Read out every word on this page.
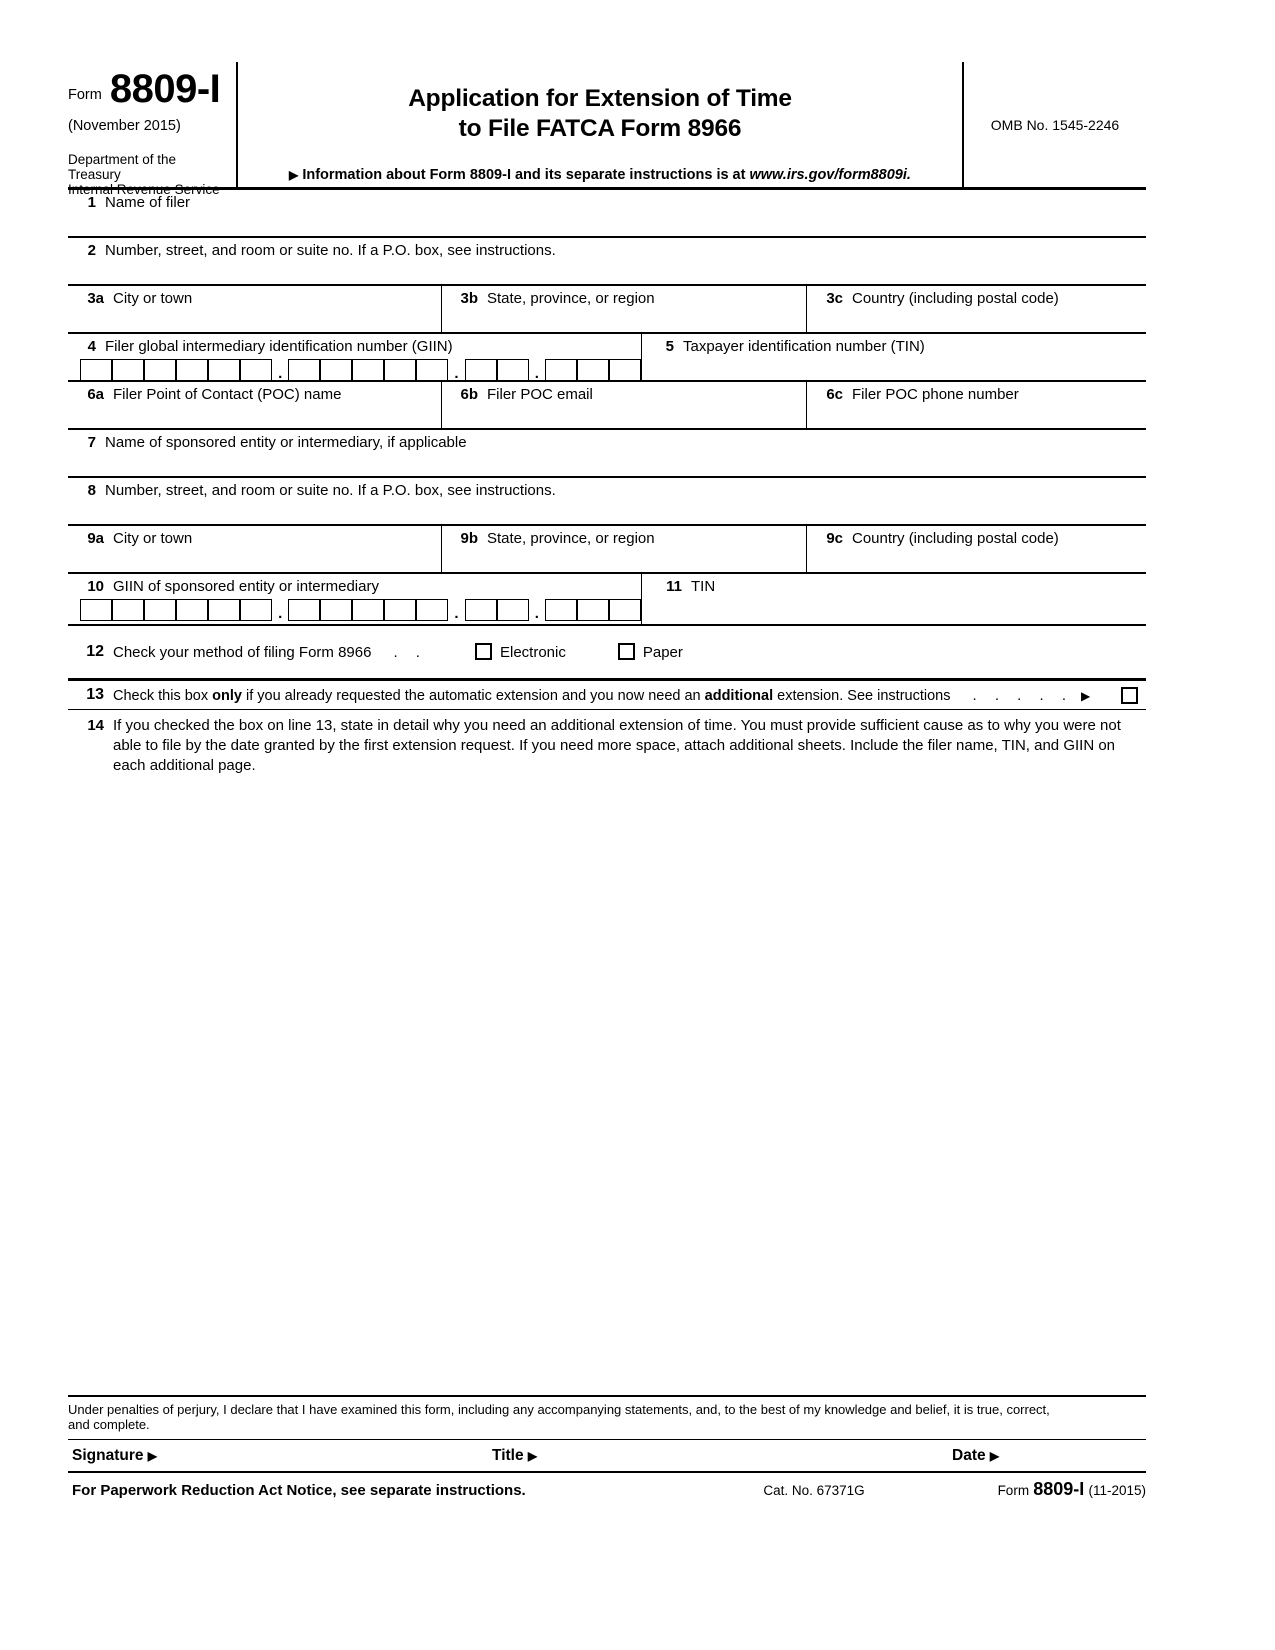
Form 8809-I
(November 2015)
Department of the Treasury
Internal Revenue Service
Application for Extension of Time
to File FATCA Form 8966
▶ Information about Form 8809-I and its separate instructions is at www.irs.gov/form8809i.
OMB No. 1545-2246
1 Name of filer
2 Number, street, and room or suite no. If a P.O. box, see instructions.
3a City or town	3b State, province, or region	3c Country (including postal code)
4 Filer global intermediary identification number (GIIN)
.	.	.
5 Taxpayer identification number (TIN)
6a Filer Point of Contact (POC) name	6b Filer POC email	6c Filer POC phone number
7 Name of sponsored entity or intermediary, if applicable
8 Number, street, and room or suite no. If a P.O. box, see instructions.
9a City or town	9b State, province, or region	9c Country (including postal code)
10 GIIN of sponsored entity or intermediary
.	.	.
11 TIN
12 Check your method of filing Form 8966	. .	Electronic	Paper
13 Check this box only if you already requested the automatic extension and you now need an additional extension. See instructions . . . . . ▶
14 If you checked the box on line 13, state in detail why you need an additional extension of time. You must provide sufficient cause as to why you were not able to file by the date granted by the first extension request. If you need more space, attach additional sheets. Include the filer name, TIN, and GIIN on each additional page.
Under penalties of perjury, I declare that I have examined this form, including any accompanying statements, and, to the best of my knowledge and belief, it is true, correct,
and complete.
Signature ▶	Title ▶	Date ▶
For Paperwork Reduction Act Notice, see separate instructions.	Cat. No. 67371G	Form 8809-I (11-2015)
